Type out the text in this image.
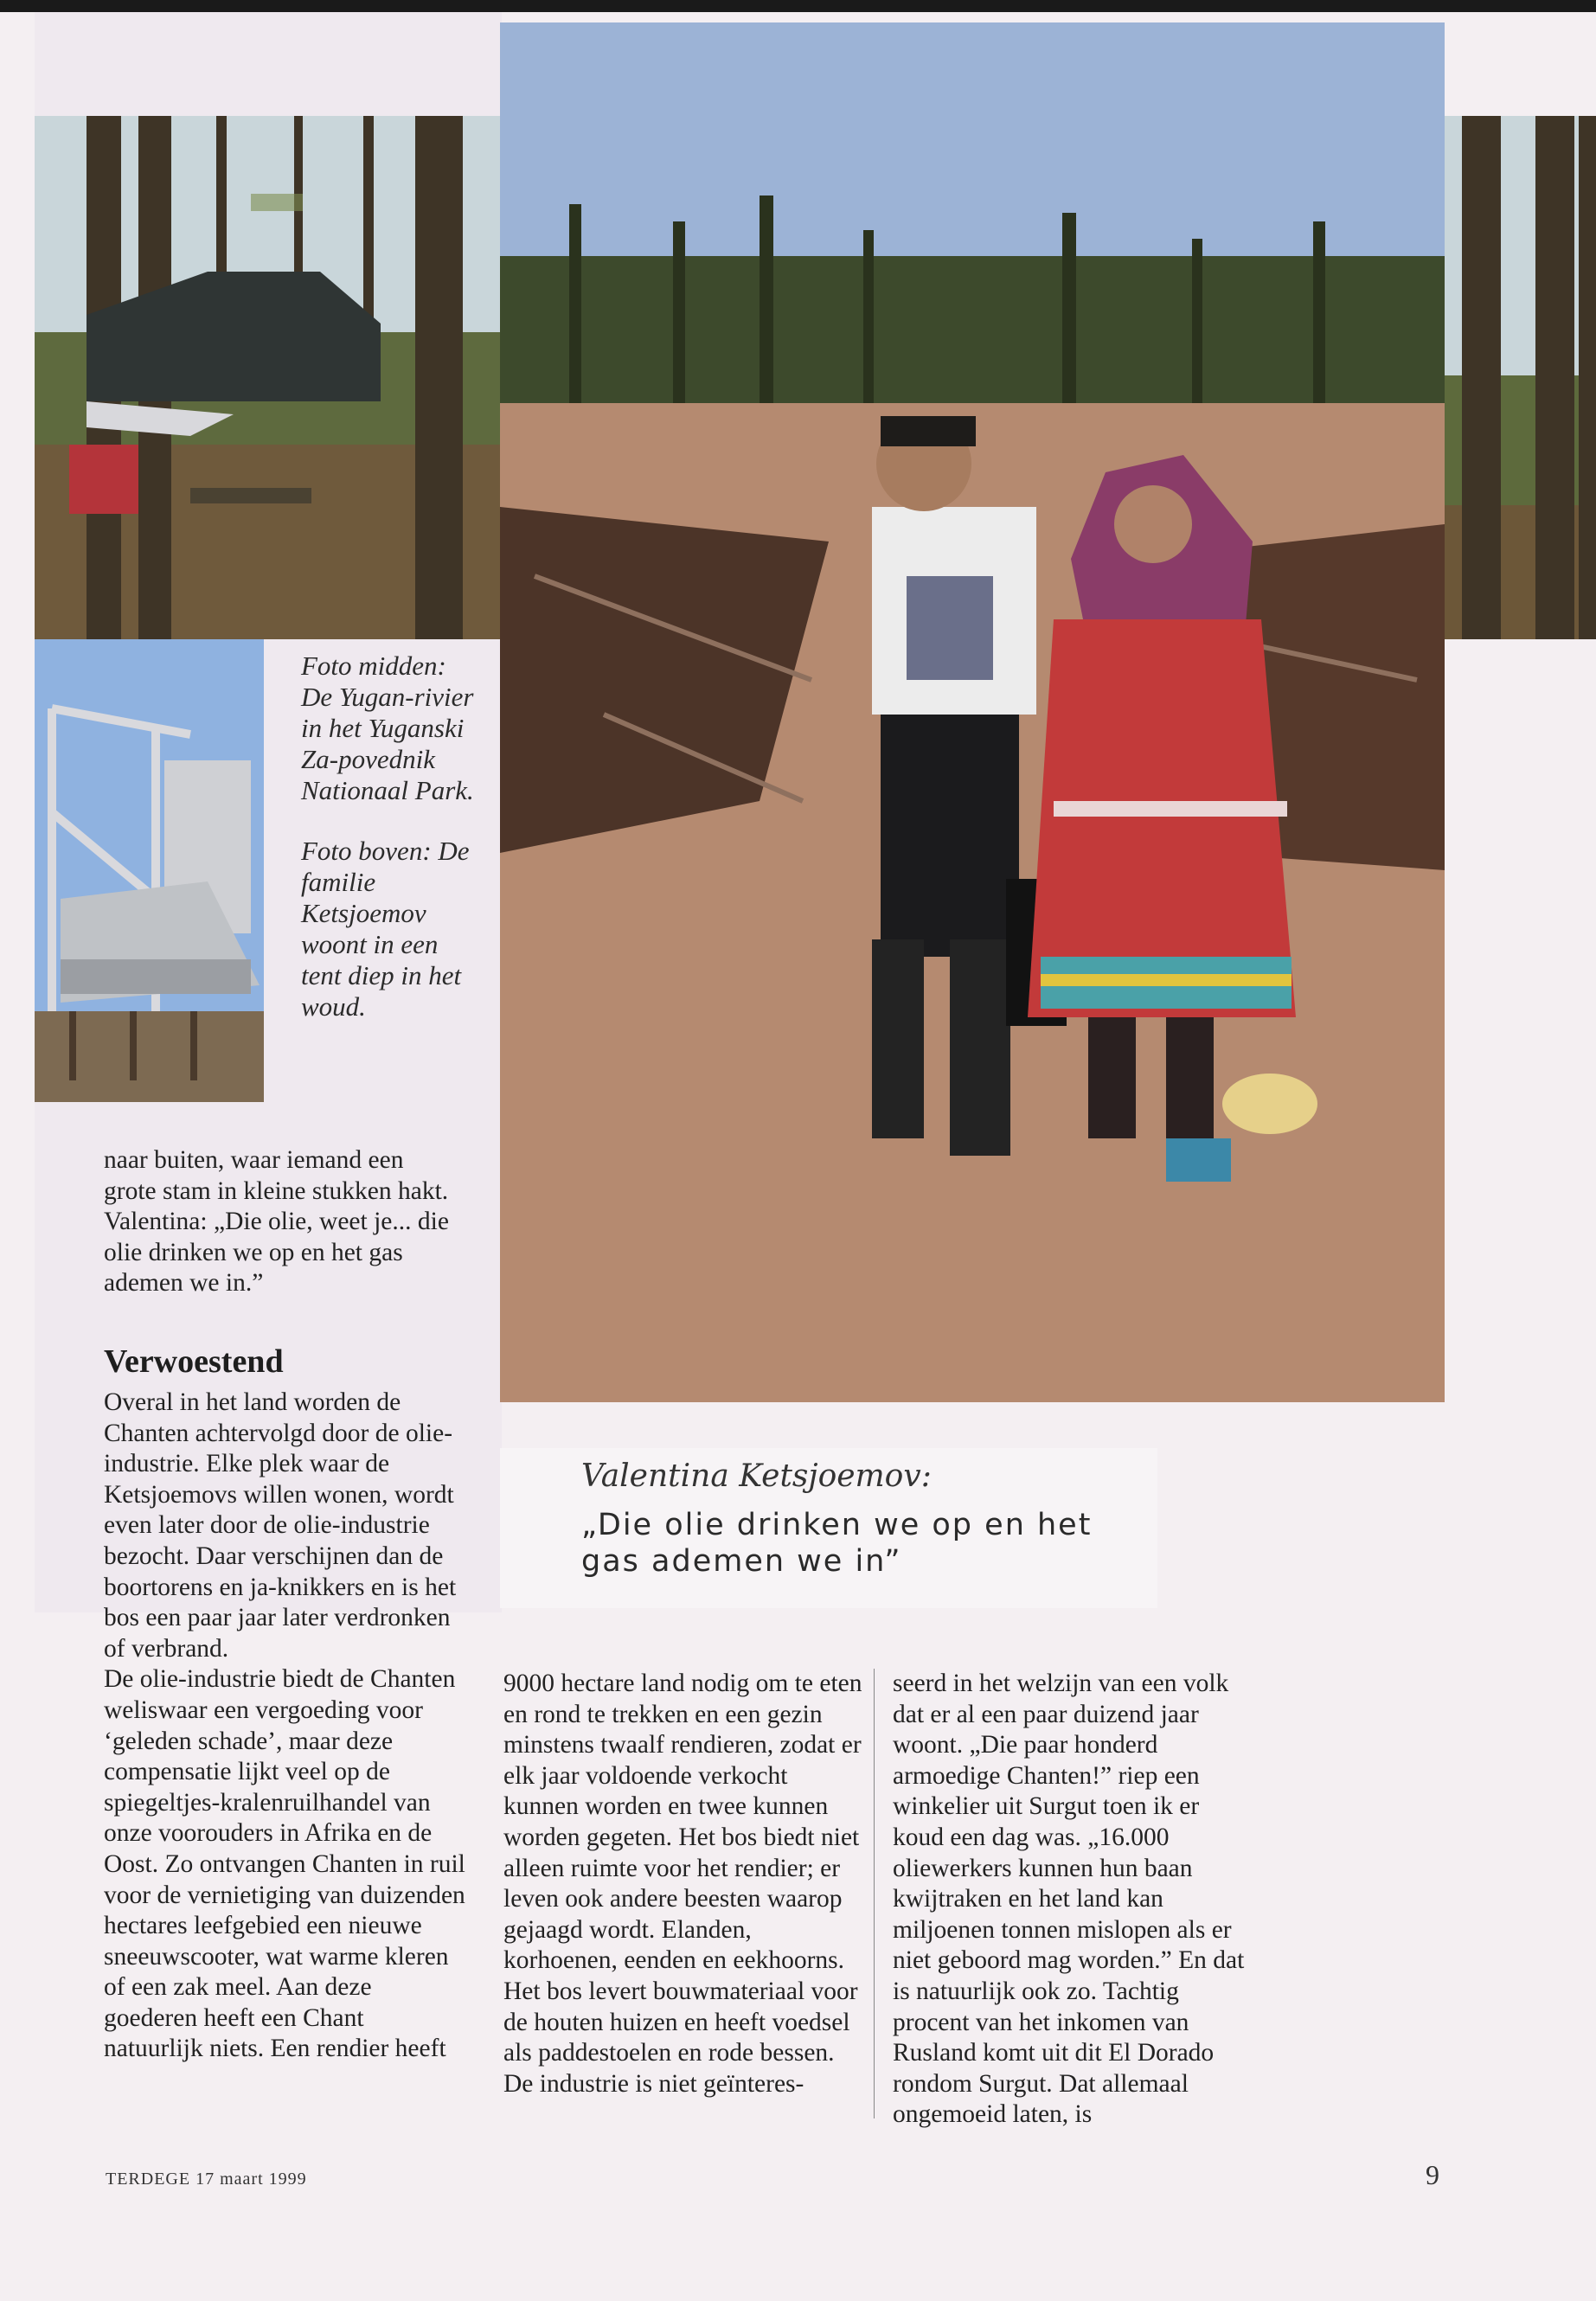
Foto midden: De Yugan-rivier in het Yuganski Za-povednik Nationaal Park.

Foto boven: De familie Ketsjoemov woont in een tent diep in het woud.

naar buiten, waar iemand een grote stam in kleine stukken hakt. Valentina: „Die olie, weet je... die olie drinken we op en het gas ademen we in.”

Verwoestend

Overal in het land worden de Chanten achtervolgd door de olie-industrie. Elke plek waar de Ketsjoemovs willen wonen, wordt even later door de olie-industrie bezocht. Daar verschijnen dan de boortorens en ja-knikkers en is het bos een paar jaar later verdronken of verbrand.

De olie-industrie biedt de Chanten weliswaar een vergoeding voor ‘geleden schade’, maar deze compensatie lijkt veel op de spiegeltjes-kralenruilhandel van onze voorouders in Afrika en de Oost. Zo ontvangen Chanten in ruil voor de vernietiging van duizenden hectares leefgebied een nieuwe sneeuwscooter, wat warme kleren of een zak meel. Aan deze goederen heeft een Chant natuurlijk niets. Een rendier heeft

Valentina Ketsjoemov:
„Die olie drinken we op en het gas ademen we in”

9000 hectare land nodig om te eten en rond te trekken en een gezin minstens twaalf rendieren, zodat er elk jaar voldoende verkocht kunnen worden en twee kunnen worden gegeten. Het bos biedt niet alleen ruimte voor het rendier; er leven ook andere beesten waarop gejaagd wordt. Elanden, korhoenen, eenden en eekhoorns. Het bos levert bouwmateriaal voor de houten huizen en heeft voedsel als paddestoelen en rode bessen. De industrie is niet geïnteres-

seerd in het welzijn van een volk dat er al een paar duizend jaar woont. „Die paar honderd armoedige Chanten!” riep een winkelier uit Surgut toen ik er koud een dag was. „16.000 oliewerkers kunnen hun baan kwijtraken en het land kan miljoenen tonnen mislopen als er niet geboord mag worden.” En dat is natuurlijk ook zo. Tachtig procent van het inkomen van Rusland komt uit dit El Dorado rondom Surgut. Dat allemaal ongemoeid laten, is

TERDEGE 17 maart 1999	9
